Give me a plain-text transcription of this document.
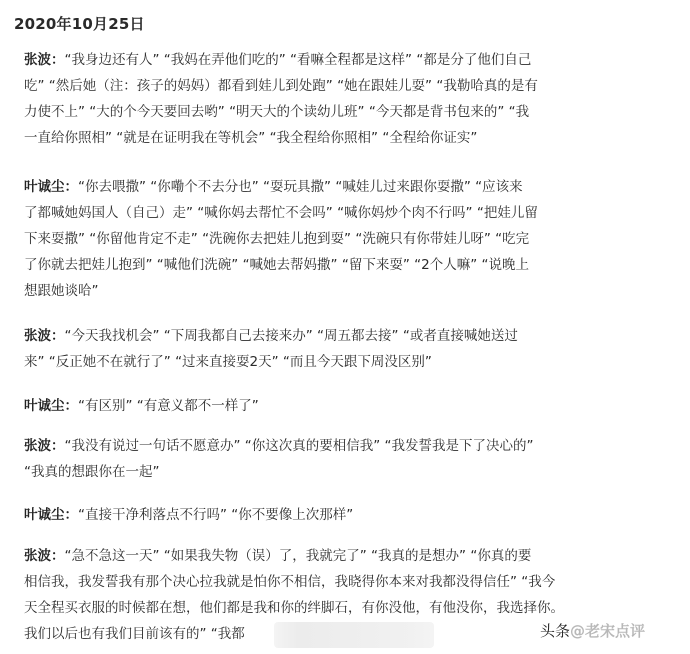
2020年10月25日
张波：“我身边还有人” “我妈在弄他们吃的” “看嘛全程都是这样” “都是分了他们自己
吃” “然后她（注：孩子的妈妈）都看到娃儿到处跑” “她在跟娃儿耍” “我勒哈真的是有
力使不上” “大的个今天要回去哟” “明天大的个读幼儿班” “今天都是背书包来的” “我
一直给你照相” “就是在证明我在等机会” “我全程给你照相” “全程给你证实”
叶诚尘：“你去喂撒” “你嘞个不去分也” “耍玩具撒” “喊娃儿过来跟你耍撒” “应该来
了都喊她妈国人（自己）走” “喊你妈去帮忙不会吗” “喊你妈炒个肉不行吗” “把娃儿留
下来耍撒” “你留他肯定不走” “洗碗你去把娃儿抱到耍” “洗碗只有你带娃儿呀” “吃完
了你就去把娃儿抱到” “喊他们洗碗” “喊她去帮妈撒” “留下来耍” “2个人嘛” “说晚上
想跟她谈哈”
张波：“今天我找机会” “下周我都自己去接来办” “周五都去接” “或者直接喊她送过
来” “反正她不在就行了” “过来直接耍2天” “而且今天跟下周没区别”
叶诚尘：“有区别” “有意义都不一样了”
张波：“我没有说过一句话不愿意办” “你这次真的要相信我” “我发誓我是下了决心的”
“我真的想跟你在一起”
叶诚尘：“直接干净利落点不行吗” “你不要像上次那样”
张波：“急不急这一天” “如果我失物（误）了，我就完了” “我真的是想办” “你真的要
相信我，我发誓我有那个决心拉我就是怕你不相信，我晓得你本来对我都没得信任” “我今
天全程买衣服的时候都在想，他们都是我和你的绊脚石，有你没他，有他没你，我选择你。
我们以后也有我们目前该有的” “我都	头条@老宋点评
